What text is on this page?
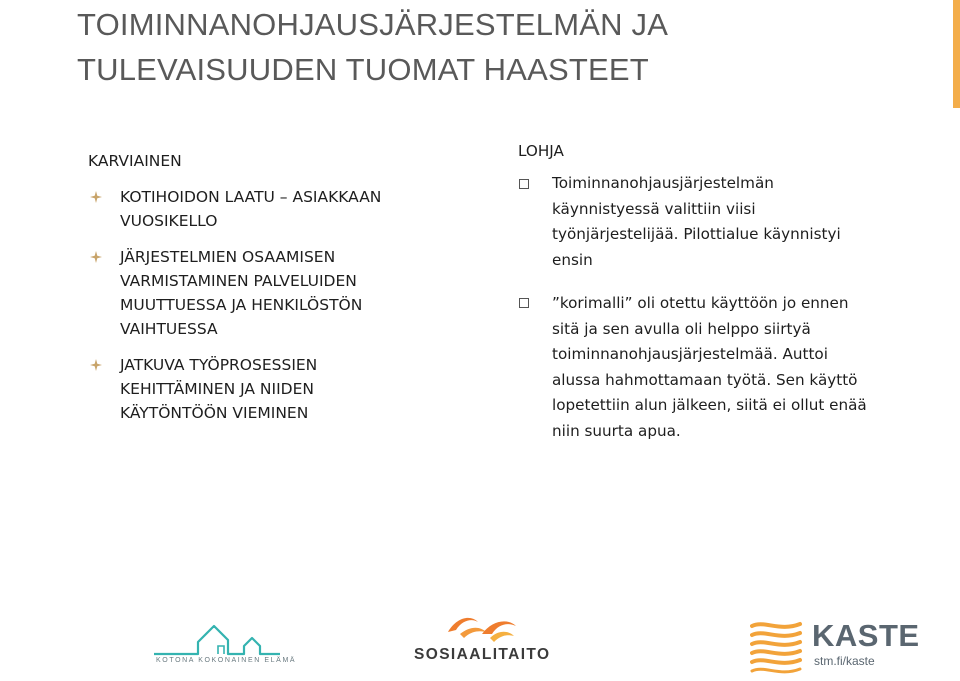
TOIMINNANOHJAUSJÄRJESTELMÄN JA
TULEVAISUUDEN TUOMAT HAASTEET
KARVIAINEN
KOTIHOIDON LAATU – ASIAKKAAN
VUOSIKELLO
JÄRJESTELMIEN OSAAMISEN
VARMISTAMINEN PALVELUIDEN
MUUTTUESSA JA HENKILÖSTÖN
VAIHTUESSA
JATKUVA TYÖPROSESSIEN
KEHITTÄMINEN JA NIIDEN
KÄYTÖNTÖÖN VIEMINEN
LOHJA
Toiminnanohjausjärjestelmän
käynnistyessä valittiin viisi
työnjärjestelijää. Pilottialue käynnistyi
ensin
”korimalli” oli otettu käyttöön jo ennen
sitä ja sen avulla oli helppo siirtyä
toiminnanohjausjärjestelmää. Auttoi
alussa hahmottamaan työtä. Sen käyttö
lopetettiin alun jälkeen, siitä ei ollut enää
niin suurta apua.
KOTONA KOKONAINEN ELÄMÄ	SOSIAALITAITO
KASTE
stm.fi/kaste
